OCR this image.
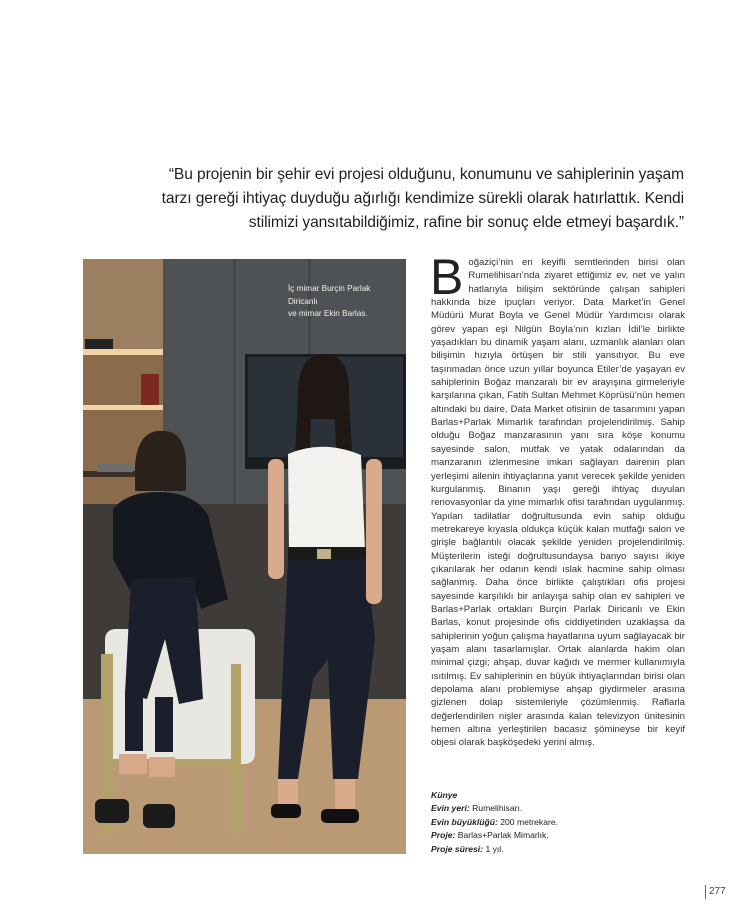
“Bu projenin bir şehir evi projesi olduğunu, konumunu ve sahiplerinin yaşam
tarzı gereği ihtiyaç duyduğu ağırlığı kendimize sürekli olarak hatırlattık. Kendi
stilimizi yansıtabildiğimiz, rafine bir sonuç elde etmeyi başardık.”
İç mimar Burçin Parlak Diricanlı
ve mimar Ekin Barlas.
Boğaziçi’nin en keyifli semtlerinden birisi olan Rumelihisarı’nda ziyaret ettiğimiz ev, net ve yalın hatlarıyla bilişim sektöründe çalışan sahipleri hakkında bize ipuçları veriyor. Data Market’in Genel Müdürü Murat Boyla ve Genel Müdür Yardımcısı olarak görev yapan eşi Nilgün Boyla’nın kızları İdil’le birlikte yaşadıkları bu dinamik yaşam alanı, uzmanlık alanları olan bilişimin hızıyla örtüşen bir stili yansıtıyor. Bu eve taşınmadan önce uzun yıllar boyunca Etiler’de yaşayan ev sahiplerinin Boğaz manzaralı bir ev arayışına girmeleriyle karşılarına çıkan, Fatih Sultan Mehmet Köprüsü’nün hemen altındaki bu daire, Data Market ofisinin de tasarımını yapan Barlas+Parlak Mimarlık tarafından projelendirilmiş. Sahip olduğu Boğaz manzarasının yanı sıra köşe konumu sayesinde salon, mutfak ve yatak odalarından da manzaranın izlenmesine imkan sağlayan dairenin plan yerleşimi ailenin ihtiyaçlarına yanıt verecek şekilde yeniden kurgulanmış. Binanın yaşı gereği ihtiyaç duyulan renovasyonlar da yine mimarlık ofisi tarafından uygulanmış. Yapılan tadilatlar doğrultusunda evin sahip olduğu metrekareye kıyasla oldukça küçük kalan mutfağı salon ve girişle bağlantılı olacak şekilde yeniden projelendirilmiş. Müşterilerin isteği doğrultusundaysa banyo sayısı ikiye çıkarılarak her odanın kendi ıslak hacmine sahip olması sağlanmış. Daha önce birlikte çalıştıkları ofis projesi sayesinde karşılıklı bir anlayışa sahip olan ev sahipleri ve Barlas+Parlak ortakları Burçin Parlak Diricanlı ve Ekin Barlas, konut projesinde ofis ciddiyetinden uzaklaşsa da sahiplerinin yoğun çalışma hayatlarına uyum sağlayacak bir yaşam alanı tasarlamışlar. Ortak alanlarda hakim olan minimal çizgi; ahşap, duvar kağıdı ve mermer kullanımıyla ısıtılmış. Ev sahiplerinin en büyük ihtiyaçlarından birisi olan depolama alanı problemiyse ahşap giydirmeler arasına gizlenen dolap sistemleriyle çözümlenmiş. Raflarla değerlendirilen nişler arasında kalan televizyon ünitesinin hemen altına yerleştirilen bacasız şömineyse bir keyif objesi olarak başköşedeki yerini almış.
Künye
Evin yeri: Rumelihisarı.
Evin büyüklüğü: 200 metrekare.
Proje: Barlas+Parlak Mimarlık.
Proje süresi: 1 yıl.
277
